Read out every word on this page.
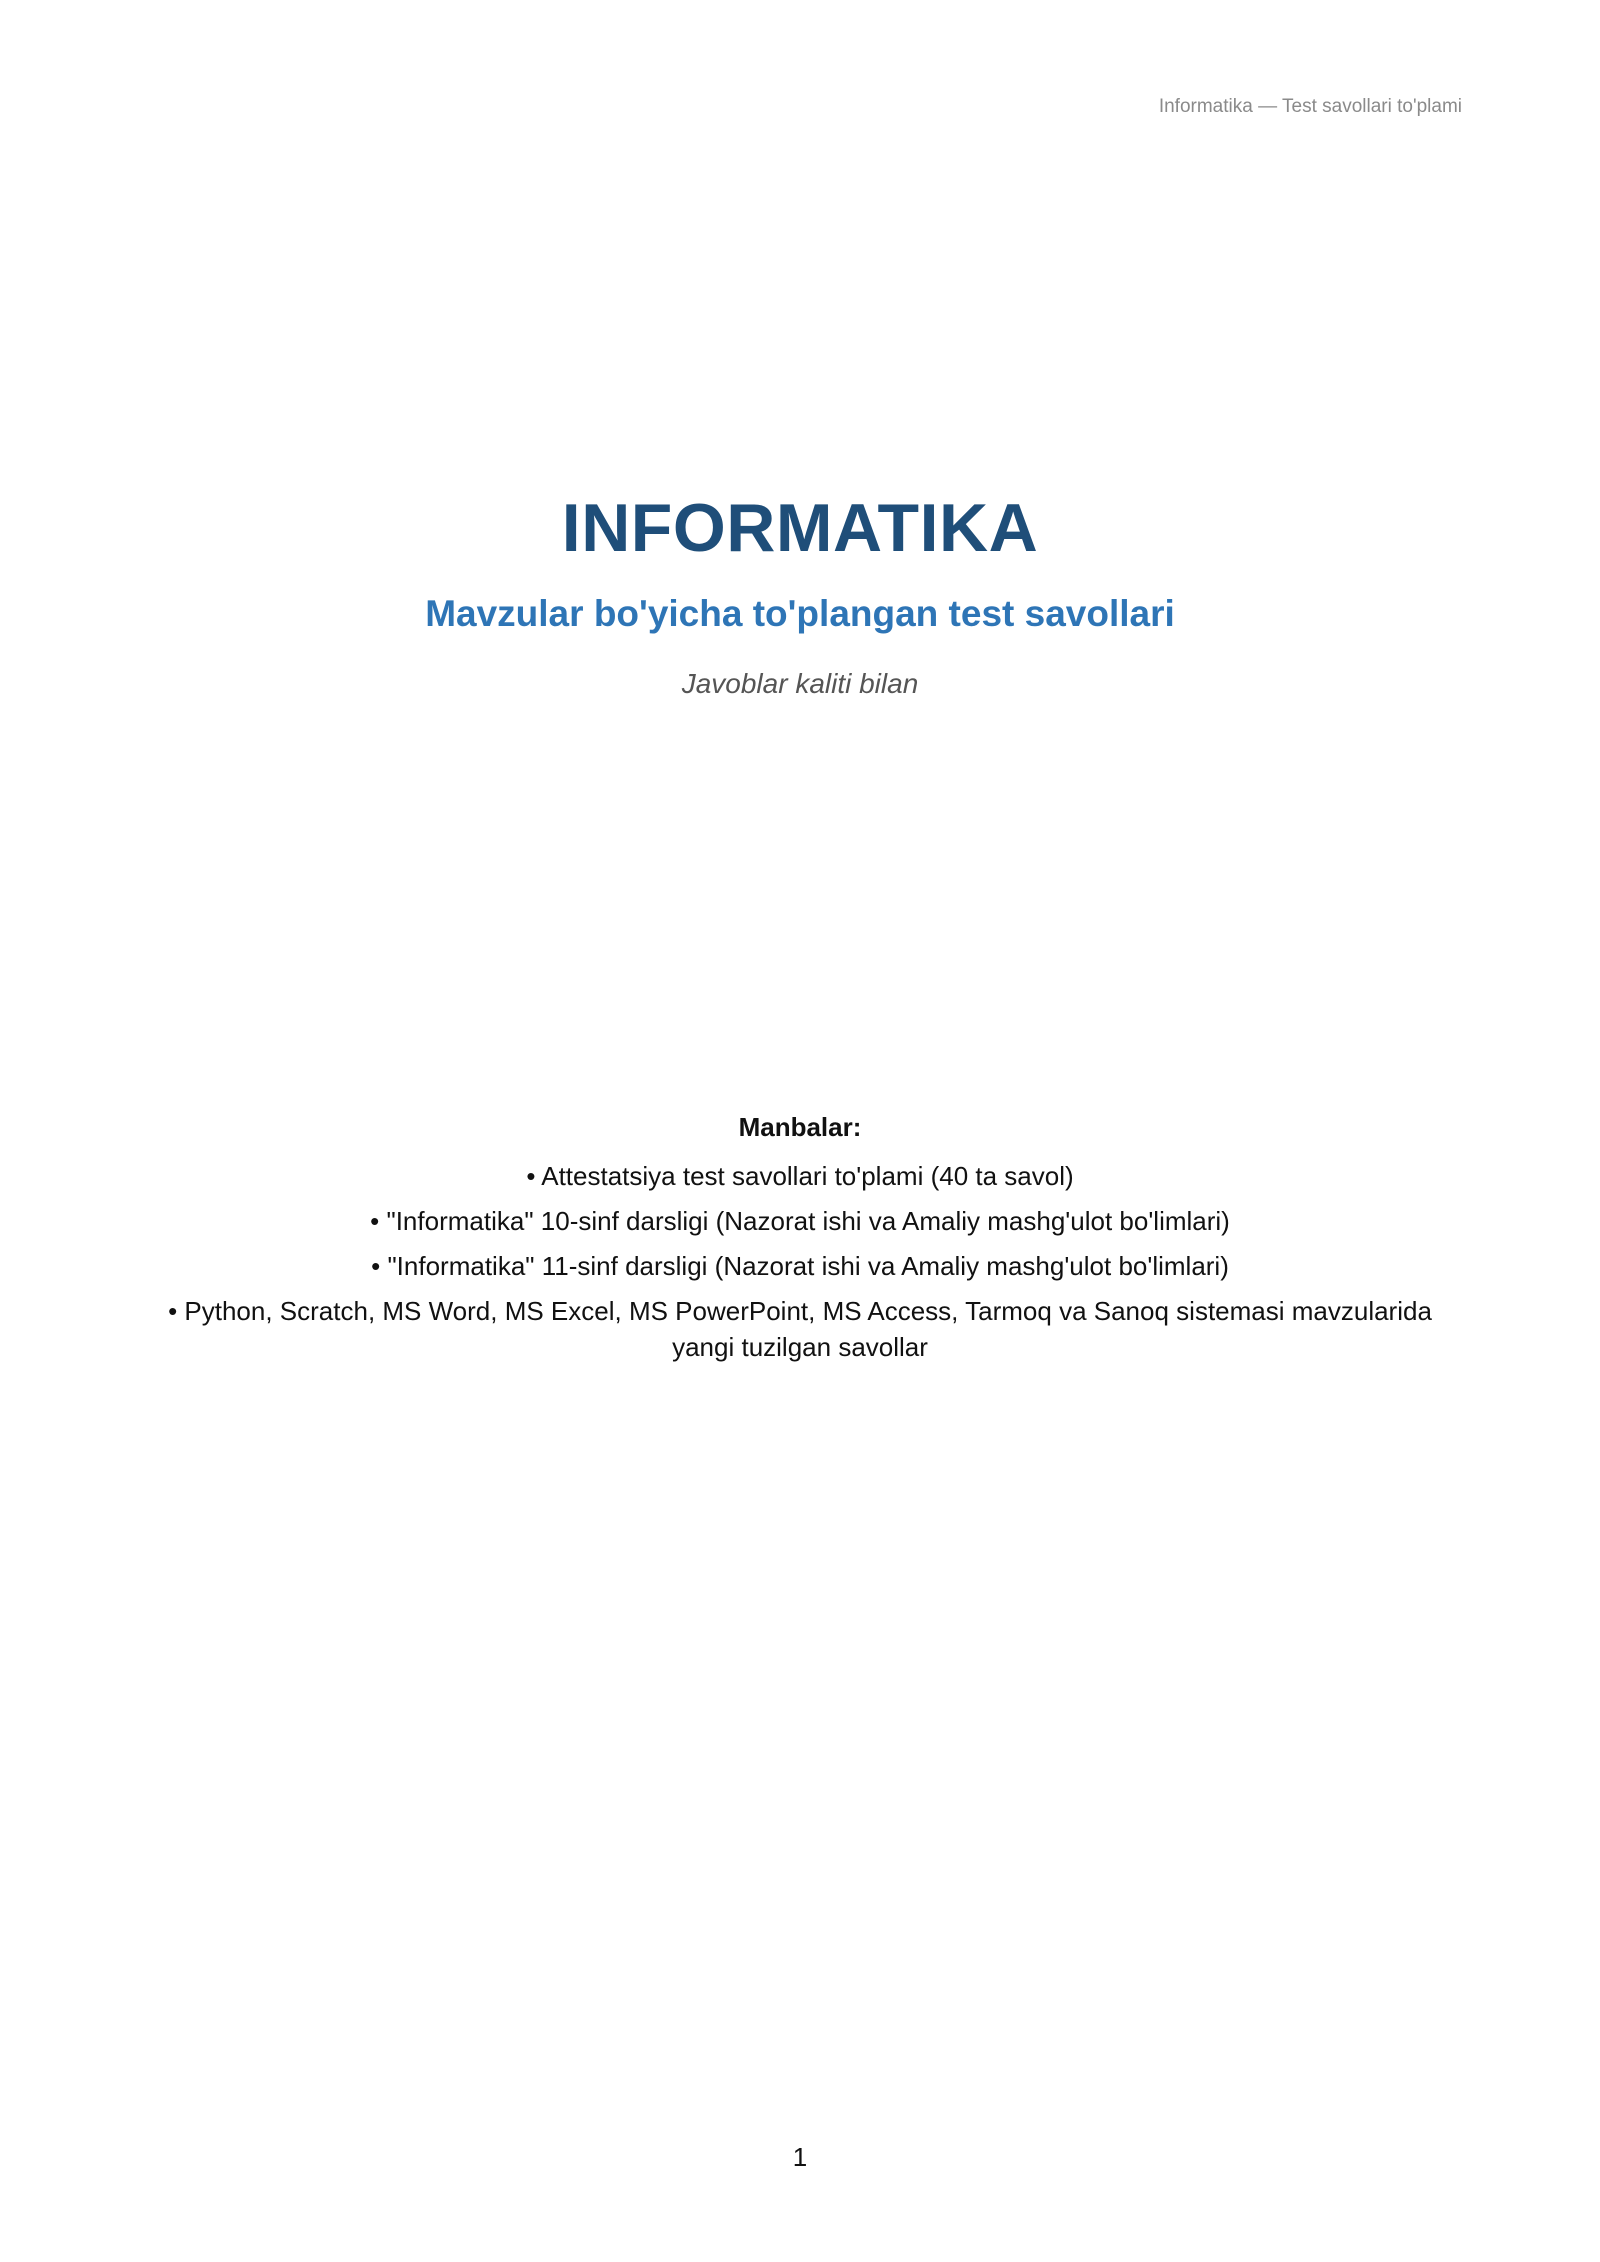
Informatika — Test savollari to'plami
INFORMATIKA
Mavzular bo'yicha to'plangan test savollari
Javoblar kaliti bilan
Manbalar:
• Attestatsiya test savollari to'plami (40 ta savol)
• "Informatika" 10-sinf darsligi (Nazorat ishi va Amaliy mashg'ulot bo'limlari)
• "Informatika" 11-sinf darsligi (Nazorat ishi va Amaliy mashg'ulot bo'limlari)
• Python, Scratch, MS Word, MS Excel, MS PowerPoint, MS Access, Tarmoq va Sanoq sistemasi mavzularida yangi tuzilgan savollar
1
